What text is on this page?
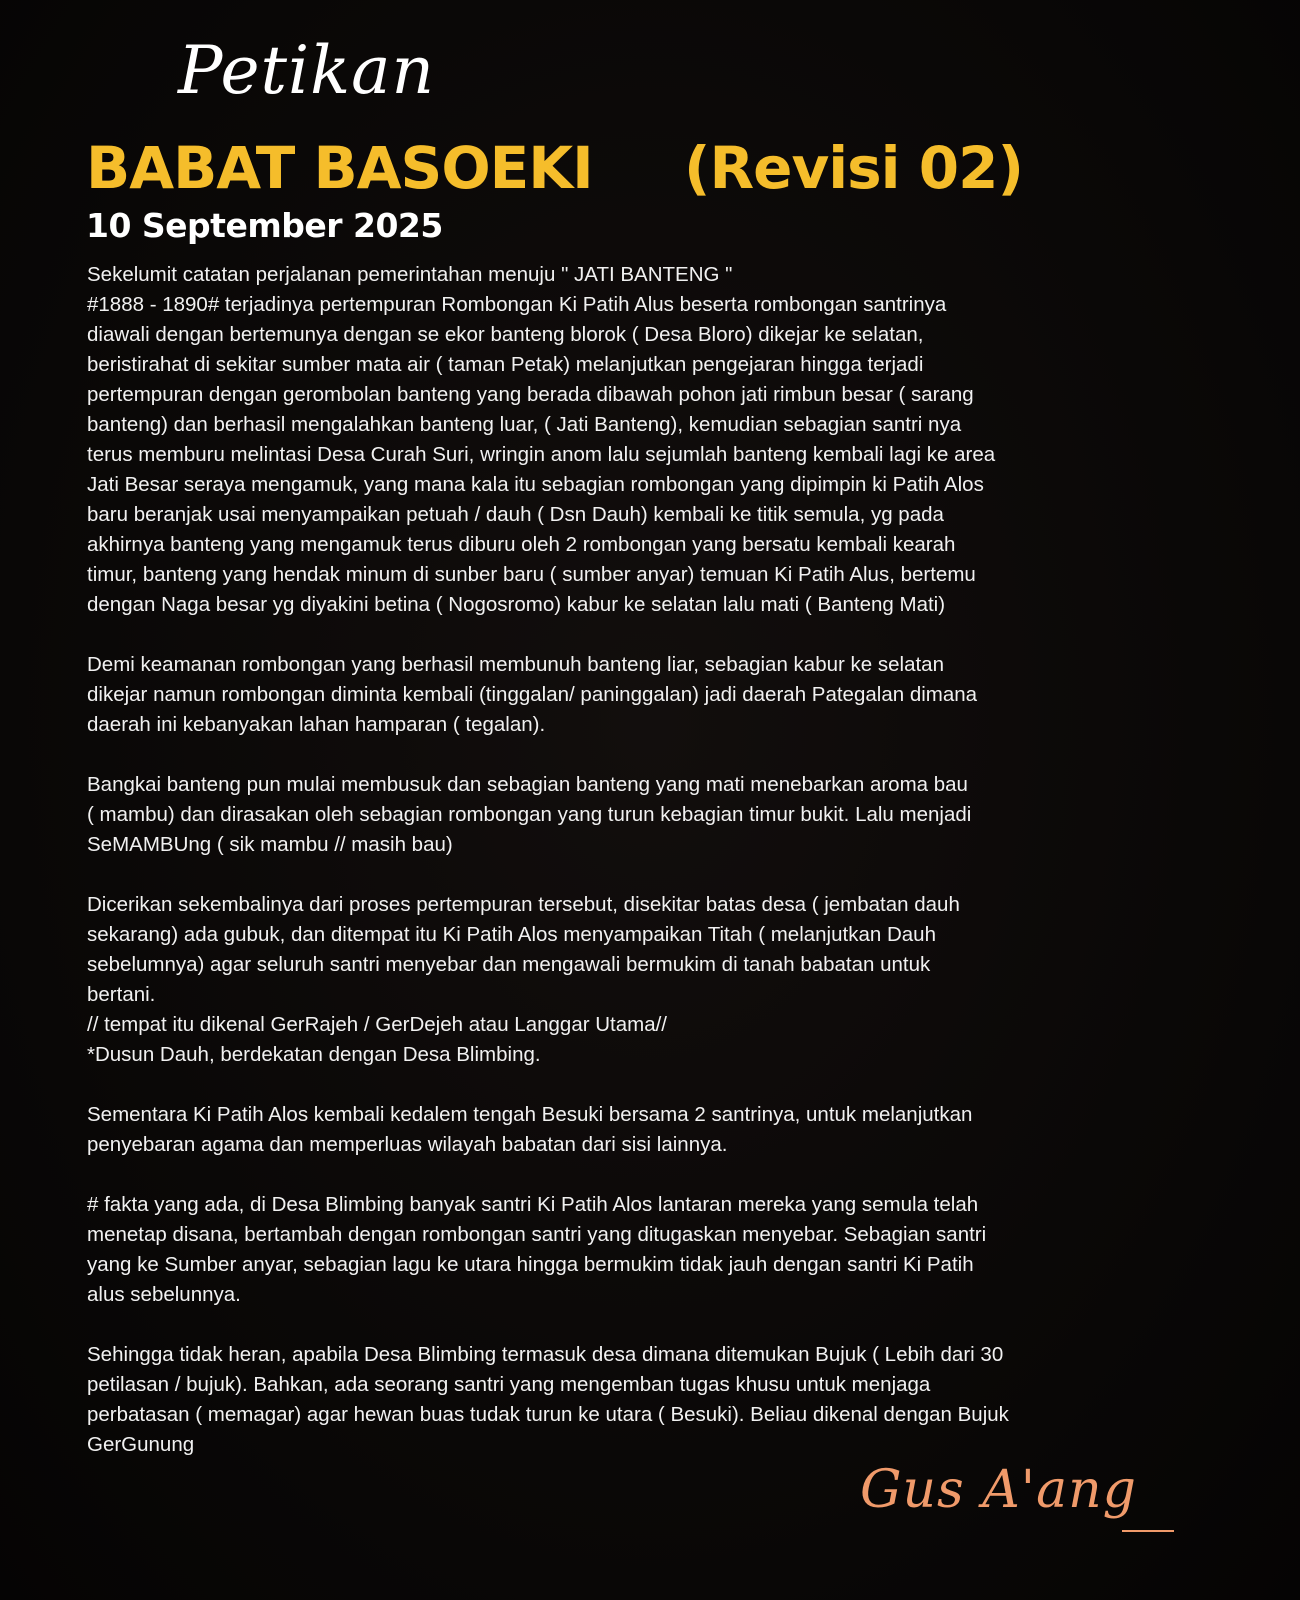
Petikan
BABAT BASOEKI (Revisi 02)
10 September 2025
Sekelumit catatan perjalanan pemerintahan menuju " JATI BANTENG "
#1888 - 1890# terjadinya pertempuran Rombongan Ki Patih Alus beserta rombongan santrinya
diawali dengan bertemunya dengan se ekor banteng blorok ( Desa Bloro) dikejar ke selatan,
beristirahat di sekitar sumber mata air ( taman Petak) melanjutkan pengejaran hingga terjadi
pertempuran dengan gerombolan banteng yang berada dibawah pohon jati rimbun besar ( sarang
banteng) dan berhasil mengalahkan banteng luar, ( Jati Banteng), kemudian sebagian santri nya
terus memburu melintasi Desa Curah Suri, wringin anom lalu sejumlah banteng kembali lagi ke area
Jati Besar seraya mengamuk, yang mana kala itu sebagian rombongan yang dipimpin ki Patih Alos
baru beranjak usai menyampaikan petuah / dauh ( Dsn Dauh) kembali ke titik semula, yg pada
akhirnya banteng yang mengamuk terus diburu oleh 2 rombongan yang bersatu kembali kearah
timur, banteng yang hendak minum di sunber baru ( sumber anyar) temuan Ki Patih Alus, bertemu
dengan Naga besar yg diyakini betina ( Nogosromo) kabur ke selatan lalu mati ( Banteng Mati)
Demi keamanan rombongan yang berhasil membunuh banteng liar, sebagian kabur ke selatan
dikejar namun rombongan diminta kembali (tinggalan/ paninggalan) jadi daerah Pategalan dimana
daerah ini kebanyakan lahan hamparan ( tegalan).
Bangkai banteng pun mulai membusuk dan sebagian banteng yang mati menebarkan aroma bau
( mambu) dan dirasakan oleh sebagian rombongan yang turun kebagian timur bukit. Lalu menjadi
SeMAMBUng ( sik mambu // masih bau)
Dicerikan sekembalinya dari proses pertempuran tersebut, disekitar batas desa ( jembatan dauh
sekarang) ada gubuk, dan ditempat itu Ki Patih Alos menyampaikan Titah ( melanjutkan Dauh
sebelumnya) agar seluruh santri menyebar dan mengawali bermukim di tanah babatan untuk
bertani.
// tempat itu dikenal GerRajeh / GerDejeh atau Langgar Utama//
*Dusun Dauh, berdekatan dengan Desa Blimbing.
Sementara Ki Patih Alos kembali kedalem tengah Besuki bersama 2 santrinya, untuk melanjutkan
penyebaran agama dan memperluas wilayah babatan dari sisi lainnya.
# fakta yang ada, di Desa Blimbing banyak santri Ki Patih Alos lantaran mereka yang semula telah
menetap disana, bertambah dengan rombongan santri yang ditugaskan menyebar. Sebagian santri
yang ke Sumber anyar, sebagian lagu ke utara hingga bermukim tidak jauh dengan santri Ki Patih
alus sebelunnya.
Sehingga tidak heran, apabila Desa Blimbing termasuk desa dimana ditemukan Bujuk ( Lebih dari 30
petilasan / bujuk). Bahkan, ada seorang santri yang mengemban tugas khusu untuk menjaga
perbatasan ( memagar) agar hewan buas tudak turun ke utara ( Besuki). Beliau dikenal dengan Bujuk
GerGunung
Gus A'ang
